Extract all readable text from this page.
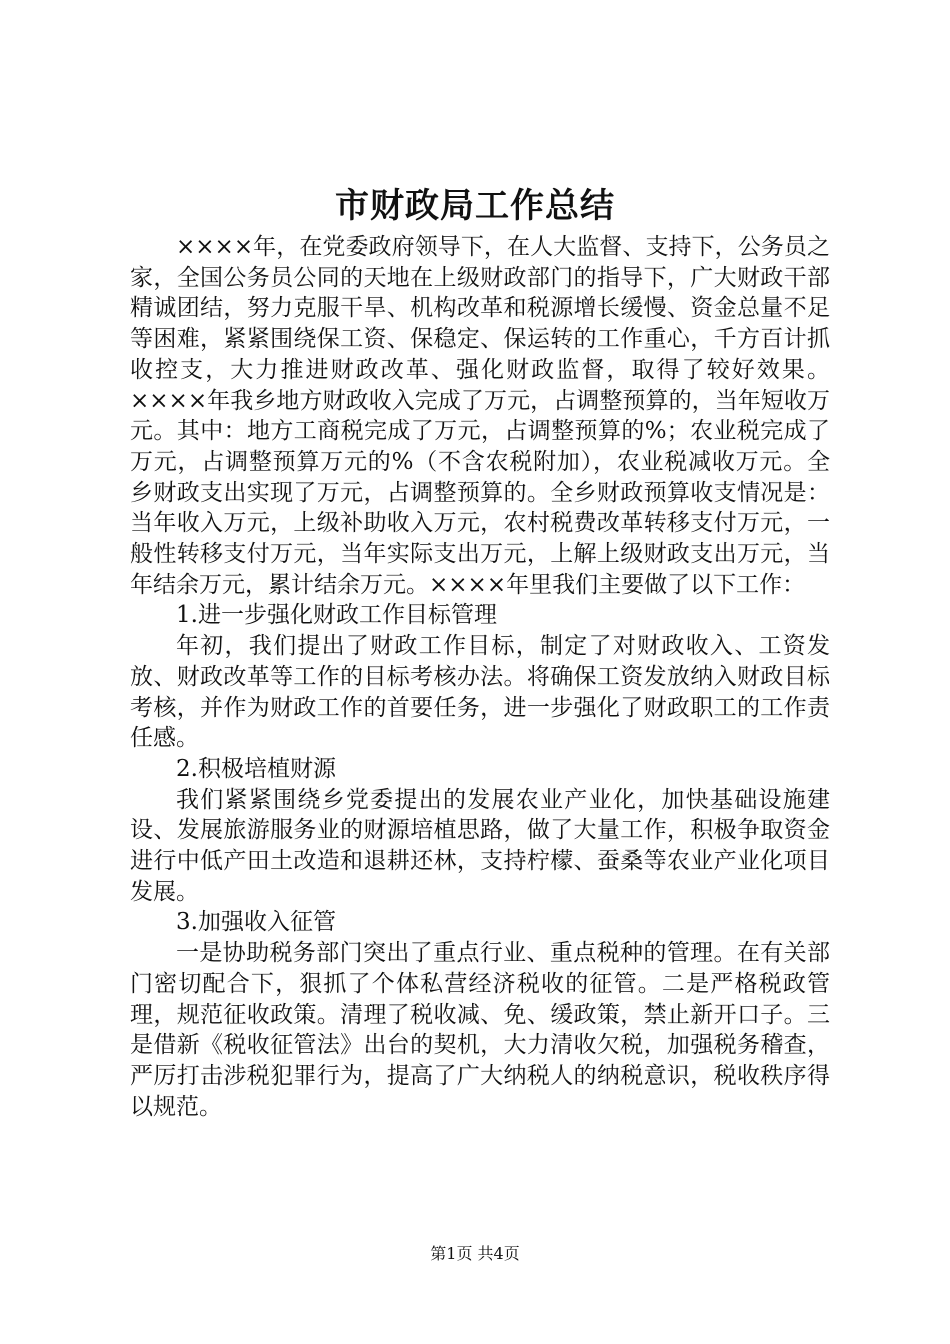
市财政局工作总结

××××年，在党委政府领导下，在人大监督、支持下，公务员之家，全国公务员公同的天地在上级财政部门的指导下，广大财政干部精诚团结，努力克服干旱、机构改革和税源增长缓慢、资金总量不足等困难，紧紧围绕保工资、保稳定、保运转的工作重心，千方百计抓收控支，大力推进财政改革、强化财政监督，取得了较好效果。××××年我乡地方财政收入完成了万元，占调整预算的，当年短收万元。其中：地方工商税完成了万元，占调整预算的%；农业税完成了万元，占调整预算万元的%（不含农税附加），农业税减收万元。全乡财政支出实现了万元，占调整预算的。全乡财政预算收支情况是：当年收入万元，上级补助收入万元，农村税费改革转移支付万元，一般性转移支付万元，当年实际支出万元，上解上级财政支出万元，当年结余万元，累计结余万元。××××年里我们主要做了以下工作：

1.进一步强化财政工作目标管理

年初，我们提出了财政工作目标，制定了对财政收入、工资发放、财政改革等工作的目标考核办法。将确保工资发放纳入财政目标考核，并作为财政工作的首要任务，进一步强化了财政职工的工作责任感。

2.积极培植财源

我们紧紧围绕乡党委提出的发展农业产业化，加快基础设施建设、发展旅游服务业的财源培植思路，做了大量工作，积极争取资金进行中低产田土改造和退耕还林，支持柠檬、蚕桑等农业产业化项目发展。

3.加强收入征管

一是协助税务部门突出了重点行业、重点税种的管理。在有关部门密切配合下，狠抓了个体私营经济税收的征管。二是严格税政管理，规范征收政策。清理了税收减、免、缓政策，禁止新开口子。三是借新《税收征管法》出台的契机，大力清收欠税，加强税务稽查，严厉打击涉税犯罪行为，提高了广大纳税人的纳税意识，税收秩序得以规范。

第1页 共4页
